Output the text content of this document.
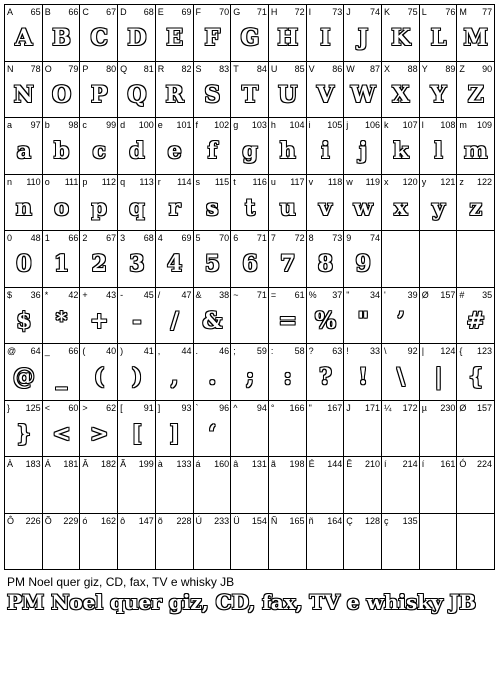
A 65
A
B 66
B
C 67
C
D 68
D
E 69
E
F 70
F
G 71
G
H 72
H
I 73
I
J 74
J
K 75
K
L 76
L
M 77
M
N 78
N
O 79
O
P 80
P
Q 81
Q
R 82
R
S 83
S
T 84
T
U 85
U
V 86
V
W 87
W
X 88
X
Y 89
Y
Z 90
Z
a 97
a
b 98
b
c 99
c
d 100
d
e 101
e
f 102
f
g 103
g
h 104
h
i 105
i
j 106
j
k 107
k
l 108
l
m 109
m
n 110
n
o 111
o
p 112
p
q 113
q
r 114
r
s 115
s
t 116
t
u 117
u
v 118
v
w 119
w
x 120
x
y 121
y
z 122
z
0 48
0
1 66
1
2 67
2
3 68
3
4 69
4
5 70
5
6 71
6
7 72
7
8 73
8
9 74
9
$ 36
$
* 42
*
+ 43
+
- 45
-
/ 47
/
& 38
&
~ 71 = 61
=
% 37
%
" 34
"
' 39
’
Ø 157 # 35
#
@ 64
@
_ 66
_
( 40
(
) 41
)
, 44
,
. 46
.
; 59
;
: 58
:
? 63
?
! 33
!
\ 92
\
| 124
|
{ 123
{
} 125
}
< 60
<
> 62
>
[ 91
[
] 93
]
` 96
‘
^ 94 ° 166 " 167 J 171 ¼ 172 µ 230 Ø 157
À 183 Á 181 Â 182 Ã 199 à 133 á 160 â 131 ã 198 É 144 Ê 210 í 214 í 161 Ó 224
Ô 226 Õ 229 ó 162 ô 147 õ 228 Ú 233 Ü 154 Ñ 165 ñ 164 Ç 128 ç 135
PM Noel quer giz, CD, fax, TV e whisky JB
PM Noel quer giz, CD, fax, TV e whisky JB
